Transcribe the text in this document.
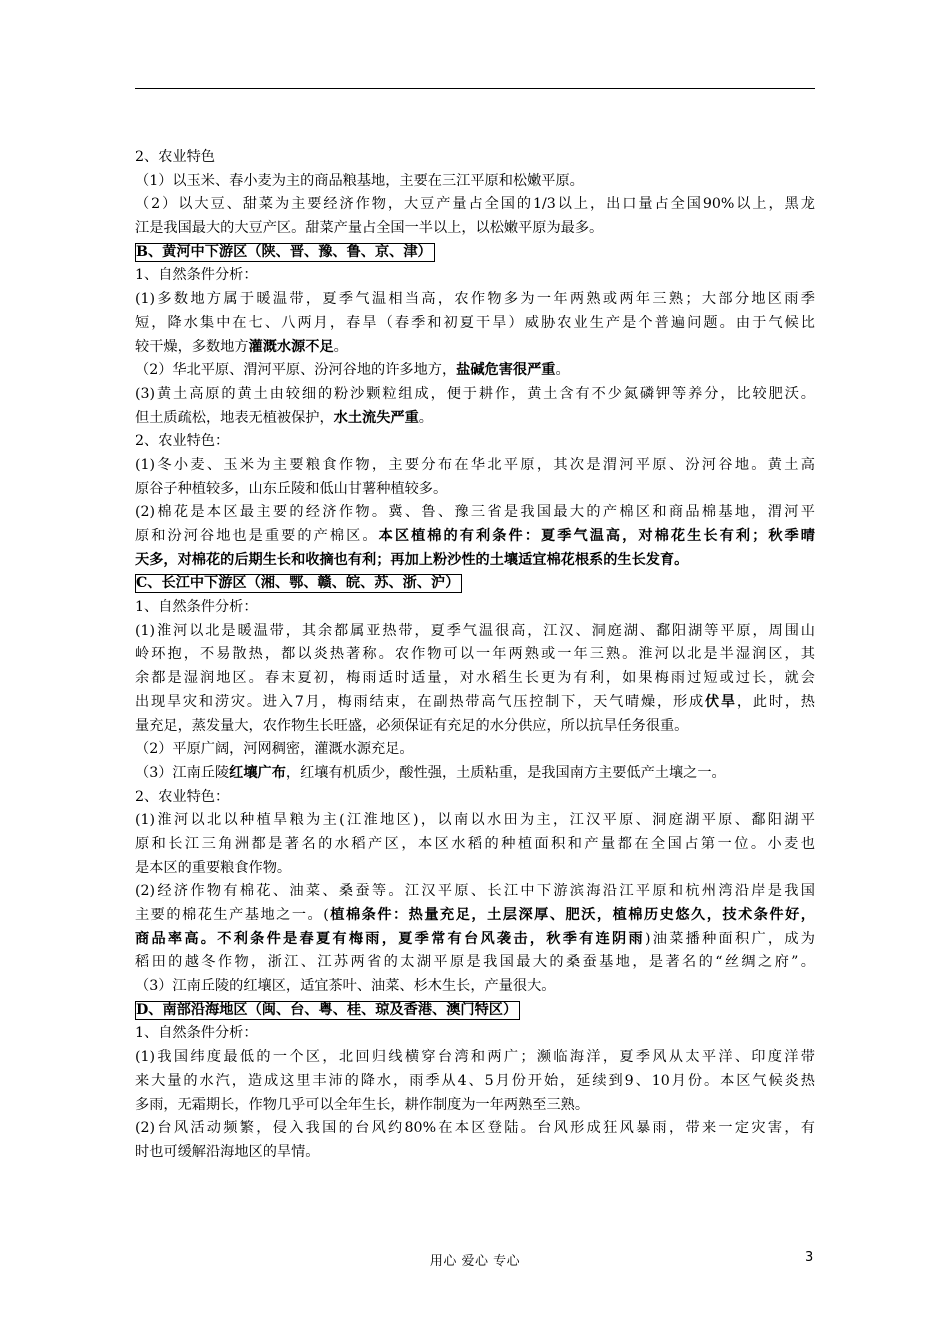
2、农业特色
（1）以玉米、春小麦为主的商品粮基地，主要在三江平原和松嫩平原。
（2）以大豆、甜菜为主要经济作物，大豆产量占全国的1/3以上，出口量占全国90%以上，黑龙
江是我国最大的大豆产区。甜菜产量占全国一半以上，以松嫩平原为最多。
B、黄河中下游区（陕、晋、豫、鲁、京、津）
1、自然条件分析：
(1)多数地方属于暖温带，夏季气温相当高，农作物多为一年两熟或两年三熟；大部分地区雨季
短，降水集中在七、八两月，春旱（春季和初夏干旱）威胁农业生产是个普遍问题。由于气候比
较干燥，多数地方灌溉水源不足。
（2）华北平原、渭河平原、汾河谷地的许多地方，盐碱危害很严重。
(3)黄土高原的黄土由较细的粉沙颗粒组成，便于耕作，黄土含有不少氮磷钾等养分，比较肥沃。
但土质疏松，地表无植被保护，水土流失严重。
2、农业特色：
(1)冬小麦、玉米为主要粮食作物，主要分布在华北平原，其次是渭河平原、汾河谷地。黄土高
原谷子种植较多，山东丘陵和低山甘薯种植较多。
(2)棉花是本区最主要的经济作物。冀、鲁、豫三省是我国最大的产棉区和商品棉基地，渭河平
原和汾河谷地也是重要的产棉区。本区植棉的有利条件：夏季气温高，对棉花生长有利；秋季晴
天多，对棉花的后期生长和收摘也有利；再加上粉沙性的土壤适宜棉花根系的生长发育。
C、长江中下游区（湘、鄂、赣、皖、苏、浙、沪）
1、自然条件分析：
(1)淮河以北是暖温带，其余都属亚热带，夏季气温很高，江汉、洞庭湖、鄱阳湖等平原，周围山
岭环抱，不易散热，都以炎热著称。农作物可以一年两熟或一年三熟。淮河以北是半湿润区，其
余都是湿润地区。春末夏初，梅雨适时适量，对水稻生长更为有利，如果梅雨过短或过长，就会
出现旱灾和涝灾。进入7月，梅雨结束，在副热带高气压控制下，天气晴燥，形成伏旱，此时，热
量充足，蒸发量大，农作物生长旺盛，必须保证有充足的水分供应，所以抗旱任务很重。
（2）平原广阔，河网稠密，灌溉水源充足。
（3）江南丘陵红壤广布，红壤有机质少，酸性强，土质粘重，是我国南方主要低产土壤之一。
2、农业特色：
(1)淮河以北以种植旱粮为主(江淮地区)，以南以水田为主，江汉平原、洞庭湖平原、鄱阳湖平
原和长江三角洲都是著名的水稻产区，本区水稻的种植面积和产量都在全国占第一位。小麦也
是本区的重要粮食作物。
(2)经济作物有棉花、油菜、桑蚕等。江汉平原、长江中下游滨海沿江平原和杭州湾沿岸是我国
主要的棉花生产基地之一。(植棉条件：热量充足，土层深厚、肥沃，植棉历史悠久，技术条件好，
商品率高。不利条件是春夏有梅雨，夏季常有台风袭击，秋季有连阴雨)油菜播种面积广，成为
稻田的越冬作物，浙江、江苏两省的太湖平原是我国最大的桑蚕基地，是著名的“丝绸之府”。
（3）江南丘陵的红壤区，适宜茶叶、油菜、杉木生长，产量很大。
D、南部沿海地区（闽、台、粤、桂、琼及香港、澳门特区）
1、自然条件分析：
(1)我国纬度最低的一个区，北回归线横穿台湾和两广；濒临海洋，夏季风从太平洋、印度洋带
来大量的水汽，造成这里丰沛的降水，雨季从4、5月份开始，延续到9、10月份。本区气候炎热
多雨，无霜期长，作物几乎可以全年生长，耕作制度为一年两熟至三熟。
(2)台风活动频繁，侵入我国的台风约80%在本区登陆。台风形成狂风暴雨，带来一定灾害，有
时也可缓解沿海地区的旱情。
用心 爱心 专心	3
